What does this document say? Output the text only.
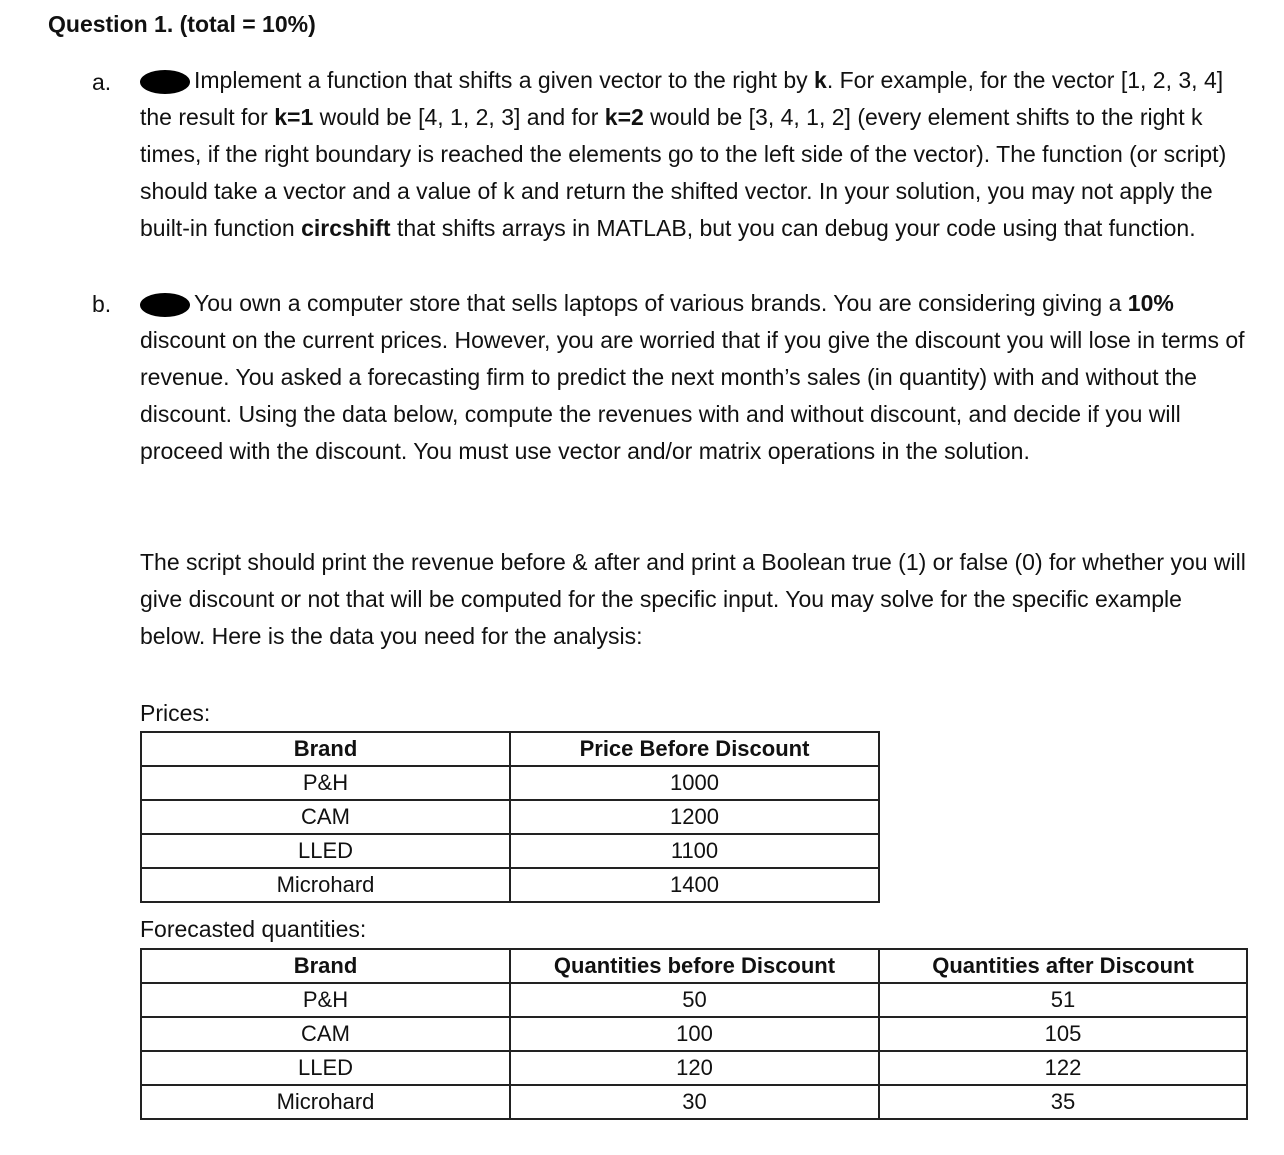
Question 1. (total = 10%)
a.	Implement a function that shifts a given vector to the right by k. For example, for the vector [1, 2, 3, 4] the result for k=1 would be [4, 1, 2, 3] and for k=2 would be [3, 4, 1, 2] (every element shifts to the right k times, if the right boundary is reached the elements go to the left side of the vector). The function (or script) should take a vector and a value of k and return the shifted vector. In your solution, you may not apply the built-in function circshift that shifts arrays in MATLAB, but you can debug your code using that function.
b.	You own a computer store that sells laptops of various brands. You are considering giving a 10% discount on the current prices. However, you are worried that if you give the discount you will lose in terms of revenue. You asked a forecasting firm to predict the next month’s sales (in quantity) with and without the discount. Using the data below, compute the revenues with and without discount, and decide if you will proceed with the discount. You must use vector and/or matrix operations in the solution.
The script should print the revenue before & after and print a Boolean true (1) or false (0) for whether you will give discount or not that will be computed for the specific input. You may solve for the specific example below. Here is the data you need for the analysis:
Prices:
Brand	Price Before Discount
P&H	1000
CAM	1200
LLED	1100
Microhard	1400
Forecasted quantities:
Brand	Quantities before Discount	Quantities after Discount
P&H	50	51
CAM	100	105
LLED	120	122
Microhard	30	35
